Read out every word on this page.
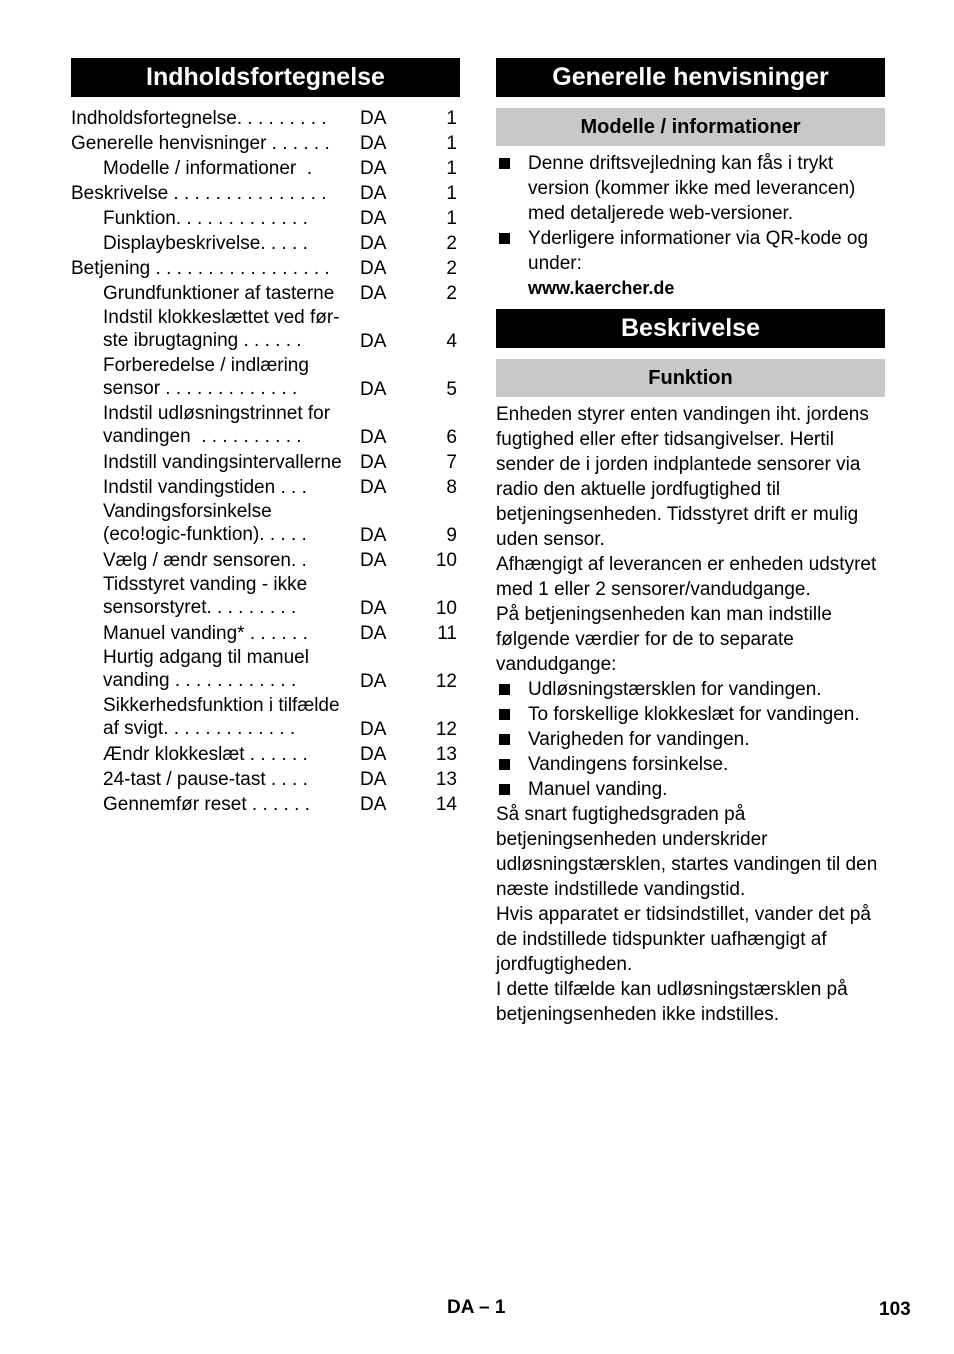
Indholdsfortegnelse
Indholdsfortegnelse. . . . . . . . . DA	1
Generelle henvisninger . . . . . . DA	1
Modelle / informationer  .	DA	1
Beskrivelse . . . . . . . . . . . . . . . DA	1
Funktion. . . . . . . . . . . . .	DA	1
Displaybeskrivelse. . . . .	DA	2
Betjening . . . . . . . . . . . . . . . . . DA	2
Grundfunktioner af tasterne DA	2
Indstil klokkeslættet ved før-
ste ibrugtagning . . . . . .	DA	4
Forberedelse / indlæring
sensor . . . . . . . . . . . . .	DA	5
Indstil udløsningstrinnet for
vandingen  . . . . . . . . . .	DA	6
Indstill vandingsintervallerne DA	7
Indstil vandingstiden . . .	DA	8
Vandingsforsinkelse
(eco!ogic-funktion). . . . .	DA	9
Vælg / ændr sensoren. .	DA	10
Tidsstyret vanding - ikke
sensorstyret. . . . . . . . .	DA	10
Manuel vanding* . . . . . .	DA	11
Hurtig adgang til manuel
vanding . . . . . . . . . . . .	DA	12
Sikkerhedsfunktion i tilfælde
af svigt. . . . . . . . . . . . .	DA	12
Ændr klokkeslæt . . . . . .	DA	13
24-tast / pause-tast . . . .	DA	13
Gennemfør reset . . . . . .	DA	14
Generelle henvisninger
Modelle / informationer
Denne driftsvejledning kan fås i trykt version (kommer ikke med leverancen) med detaljerede web-versioner.
Yderligere informationer via QR-kode og under:
www.kaercher.de
Beskrivelse
Funktion
Enheden styrer enten vandingen iht. jordens fugtighed eller efter tidsangivelser. Hertil sender de i jorden indplantede sensorer via radio den aktuelle jordfugtighed til betjeningsenheden. Tidsstyret drift er mulig uden sensor.
Afhængigt af leverancen er enheden udstyret med 1 eller 2 sensorer/vandudgange.
På betjeningsenheden kan man indstille følgende værdier for de to separate vandudgange:
Udløsningstærsklen for vandingen.
To forskellige klokkeslæt for vandingen.
Varigheden for vandingen.
Vandingens forsinkelse.
Manuel vanding.
Så snart fugtighedsgraden på betjeningsenheden underskrider udløsningstærsklen, startes vandingen til den næste indstillede vandingstid.
Hvis apparatet er tidsindstillet, vander det på de indstillede tidspunkter uafhængigt af jordfugtigheden.
I dette tilfælde kan udløsningstærsklen på betjeningsenheden ikke indstilles.
DA – 1	103
